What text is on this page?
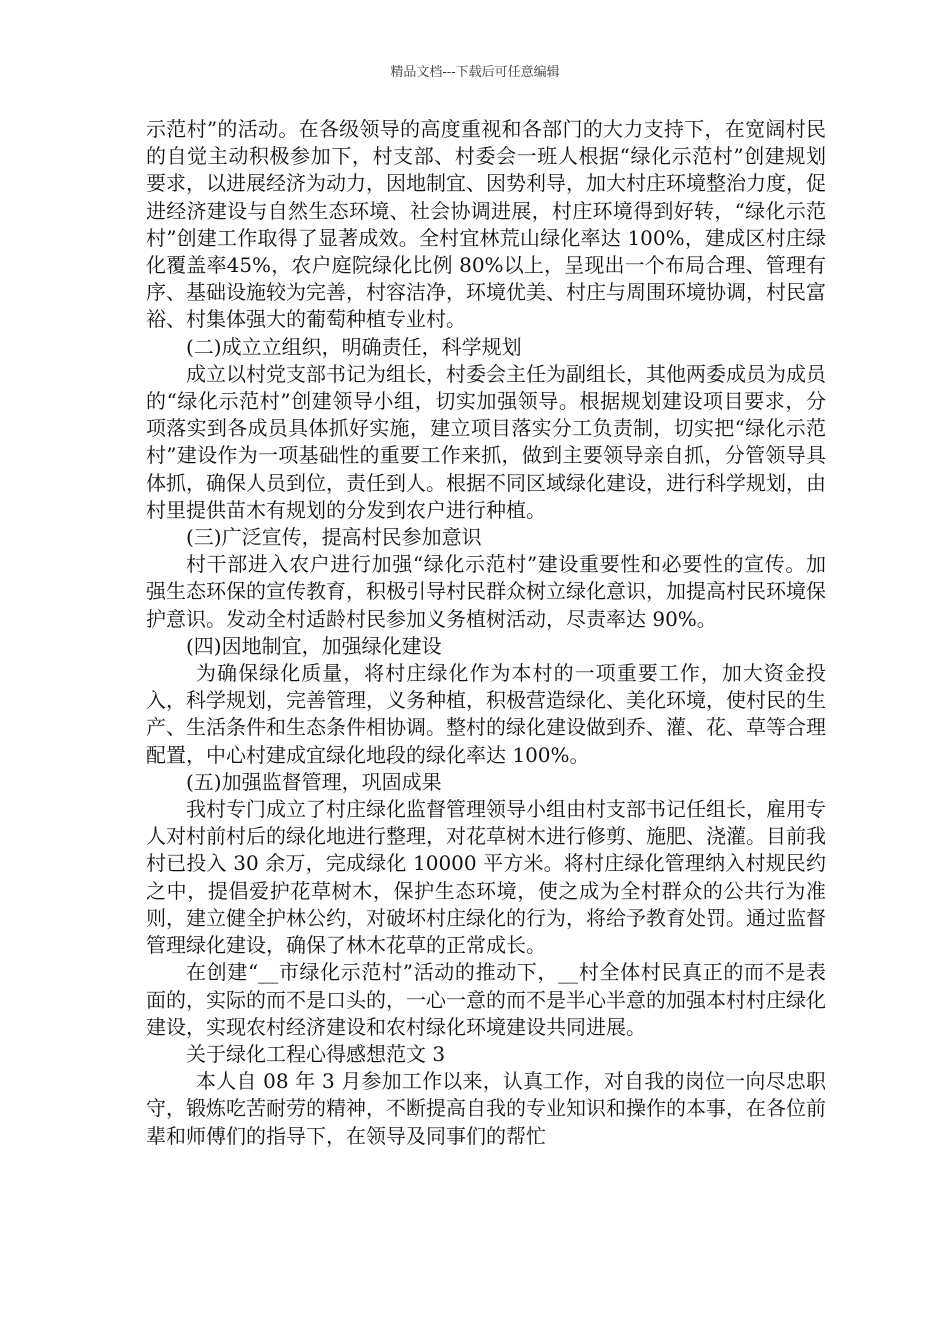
精品文档---下载后可任意编辑

示范村”的活动。在各级领导的高度重视和各部门的大力支持下，在宽阔村民的自觉主动积极参加下，村支部、村委会一班人根据“绿化示范村”创建规划要求，以进展经济为动力，因地制宜、因势利导，加大村庄环境整治力度，促进经济建设与自然生态环境、社会协调进展，村庄环境得到好转，“绿化示范村”创建工作取得了显著成效。全村宜林荒山绿化率达 100%，建成区村庄绿化覆盖率45%，农户庭院绿化比例 80%以上，呈现出一个布局合理、管理有序、基础设施较为完善，村容洁净，环境优美、村庄与周围环境协调，村民富裕、村集体强大的葡萄种植专业村。

(二)成立立组织，明确责任，科学规划

成立以村党支部书记为组长，村委会主任为副组长，其他两委成员为成员的“绿化示范村”创建领导小组，切实加强领导。根据规划建设项目要求，分项落实到各成员具体抓好实施，建立项目落实分工负责制，切实把“绿化示范村”建设作为一项基础性的重要工作来抓，做到主要领导亲自抓，分管领导具体抓，确保人员到位，责任到人。根据不同区域绿化建设，进行科学规划，由村里提供苗木有规划的分发到农户进行种植。

(三)广泛宣传，提高村民参加意识

村干部进入农户进行加强“绿化示范村”建设重要性和必要性的宣传。加强生态环保的宣传教育，积极引导村民群众树立绿化意识，加提高村民环境保护意识。发动全村适龄村民参加义务植树活动，尽责率达 90%。

(四)因地制宜，加强绿化建设

为确保绿化质量，将村庄绿化作为本村的一项重要工作，加大资金投入，科学规划，完善管理，义务种植，积极营造绿化、美化环境，使村民的生产、生活条件和生态条件相协调。整村的绿化建设做到乔、灌、花、草等合理配置，中心村建成宜绿化地段的绿化率达 100%。

(五)加强监督管理，巩固成果

我村专门成立了村庄绿化监督管理领导小组由村支部书记任组长，雇用专人对村前村后的绿化地进行整理，对花草树木进行修剪、施肥、浇灌。目前我村已投入 30 余万，完成绿化 10000 平方米。将村庄绿化管理纳入村规民约之中，提倡爱护花草树木，保护生态环境，使之成为全村群众的公共行为准则，建立健全护林公约，对破坏村庄绿化的行为，将给予教育处罚。通过监督管理绿化建设，确保了林木花草的正常成长。

在创建“__市绿化示范村”活动的推动下，__村全体村民真正的而不是表面的，实际的而不是口头的，一心一意的而不是半心半意的加强本村村庄绿化建设，实现农村经济建设和农村绿化环境建设共同进展。

关于绿化工程心得感想范文 3

本人自 08 年 3 月参加工作以来，认真工作，对自我的岗位一向尽忠职守，锻炼吃苦耐劳的精神，不断提高自我的专业知识和操作的本事，在各位前辈和师傅们的指导下，在领导及同事们的帮忙
